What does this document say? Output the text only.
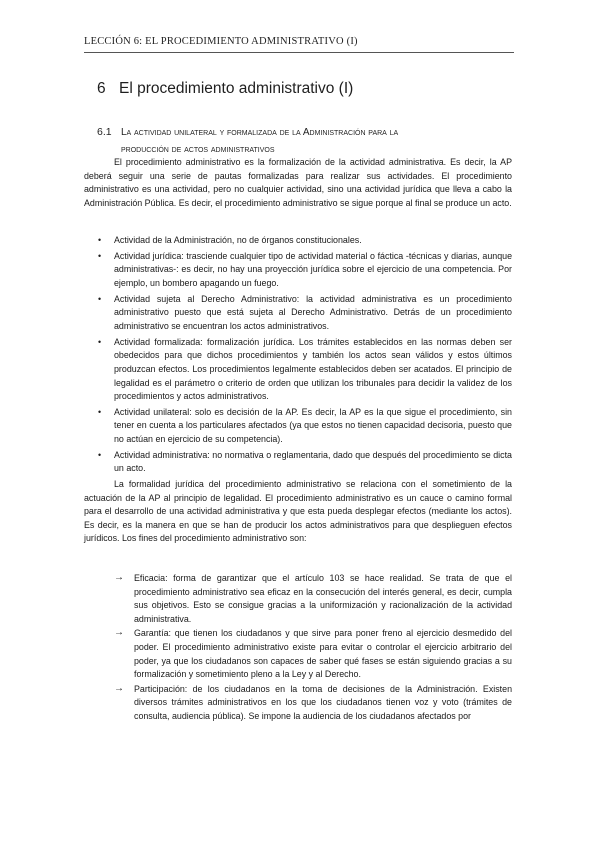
LECCIÓN 6: EL PROCEDIMIENTO ADMINISTRATIVO (I)
6 El procedimiento administrativo (I)
6.1 La actividad unilateral y formalizada de la Administración para la
producción de actos administrativos

El procedimiento administrativo es la formalización de la actividad administrativa. Es decir, la AP deberá seguir una serie de pautas formalizadas para realizar sus actividades. El procedimiento administrativo es una actividad, pero no cualquier actividad, sino una actividad jurídica que lleva a cabo la Administración Pública. Es decir, el procedimiento administrativo se sigue porque al final se produce un acto.

• Actividad de la Administración, no de órganos constitucionales.
• Actividad jurídica: trasciende cualquier tipo de actividad material o fáctica -técnicas y diarias, aunque administrativas-: es decir, no hay una proyección jurídica sobre el ejercicio de una competencia. Por ejemplo, un bombero apagando un fuego.
• Actividad sujeta al Derecho Administrativo: la actividad administrativa es un procedimiento administrativo puesto que está sujeta al Derecho Administrativo. Detrás de un procedimiento administrativo se encuentran los actos administrativos.
• Actividad formalizada: formalización jurídica. Los trámites establecidos en las normas deben ser obedecidos para que dichos procedimientos y también los actos sean válidos y estos últimos produzcan efectos. Los procedimientos legalmente establecidos deben ser acatados. El principio de legalidad es el parámetro o criterio de orden que utilizan los tribunales para decidir la validez de los procedimientos y actos administrativos.
• Actividad unilateral: solo es decisión de la AP. Es decir, la AP es la que sigue el procedimiento, sin tener en cuenta a los particulares afectados (ya que estos no tienen capacidad decisoria, puesto que no actúan en ejercicio de su competencia).
• Actividad administrativa: no normativa o reglamentaria, dado que después del procedimiento se dicta un acto.

La formalidad jurídica del procedimiento administrativo se relaciona con el sometimiento de la actuación de la AP al principio de legalidad. El procedimiento administrativo es un cauce o camino formal para el desarrollo de una actividad administrativa y que esta pueda desplegar efectos (mediante los actos). Es decir, es la manera en que se han de producir los actos administrativos para que desplieguen efectos jurídicos. Los fines del procedimiento administrativo son:

→ Eficacia: forma de garantizar que el artículo 103 se hace realidad. Se trata de que el procedimiento administrativo sea eficaz en la consecución del interés general, es decir, cumpla sus objetivos. Esto se consigue gracias a la uniformización y racionalización de la actividad administrativa.
→ Garantía: que tienen los ciudadanos y que sirve para poner freno al ejercicio desmedido del poder. El procedimiento administrativo existe para evitar o controlar el ejercicio arbitrario del poder, ya que los ciudadanos son capaces de saber qué fases se están siguiendo gracias a su formalización y sometimiento pleno a la Ley y al Derecho.
→ Participación: de los ciudadanos en la toma de decisiones de la Administración. Existen diversos trámites administrativos en los que los ciudadanos tienen voz y voto (trámites de consulta, audiencia pública). Se impone la audiencia de los ciudadanos afectados por
